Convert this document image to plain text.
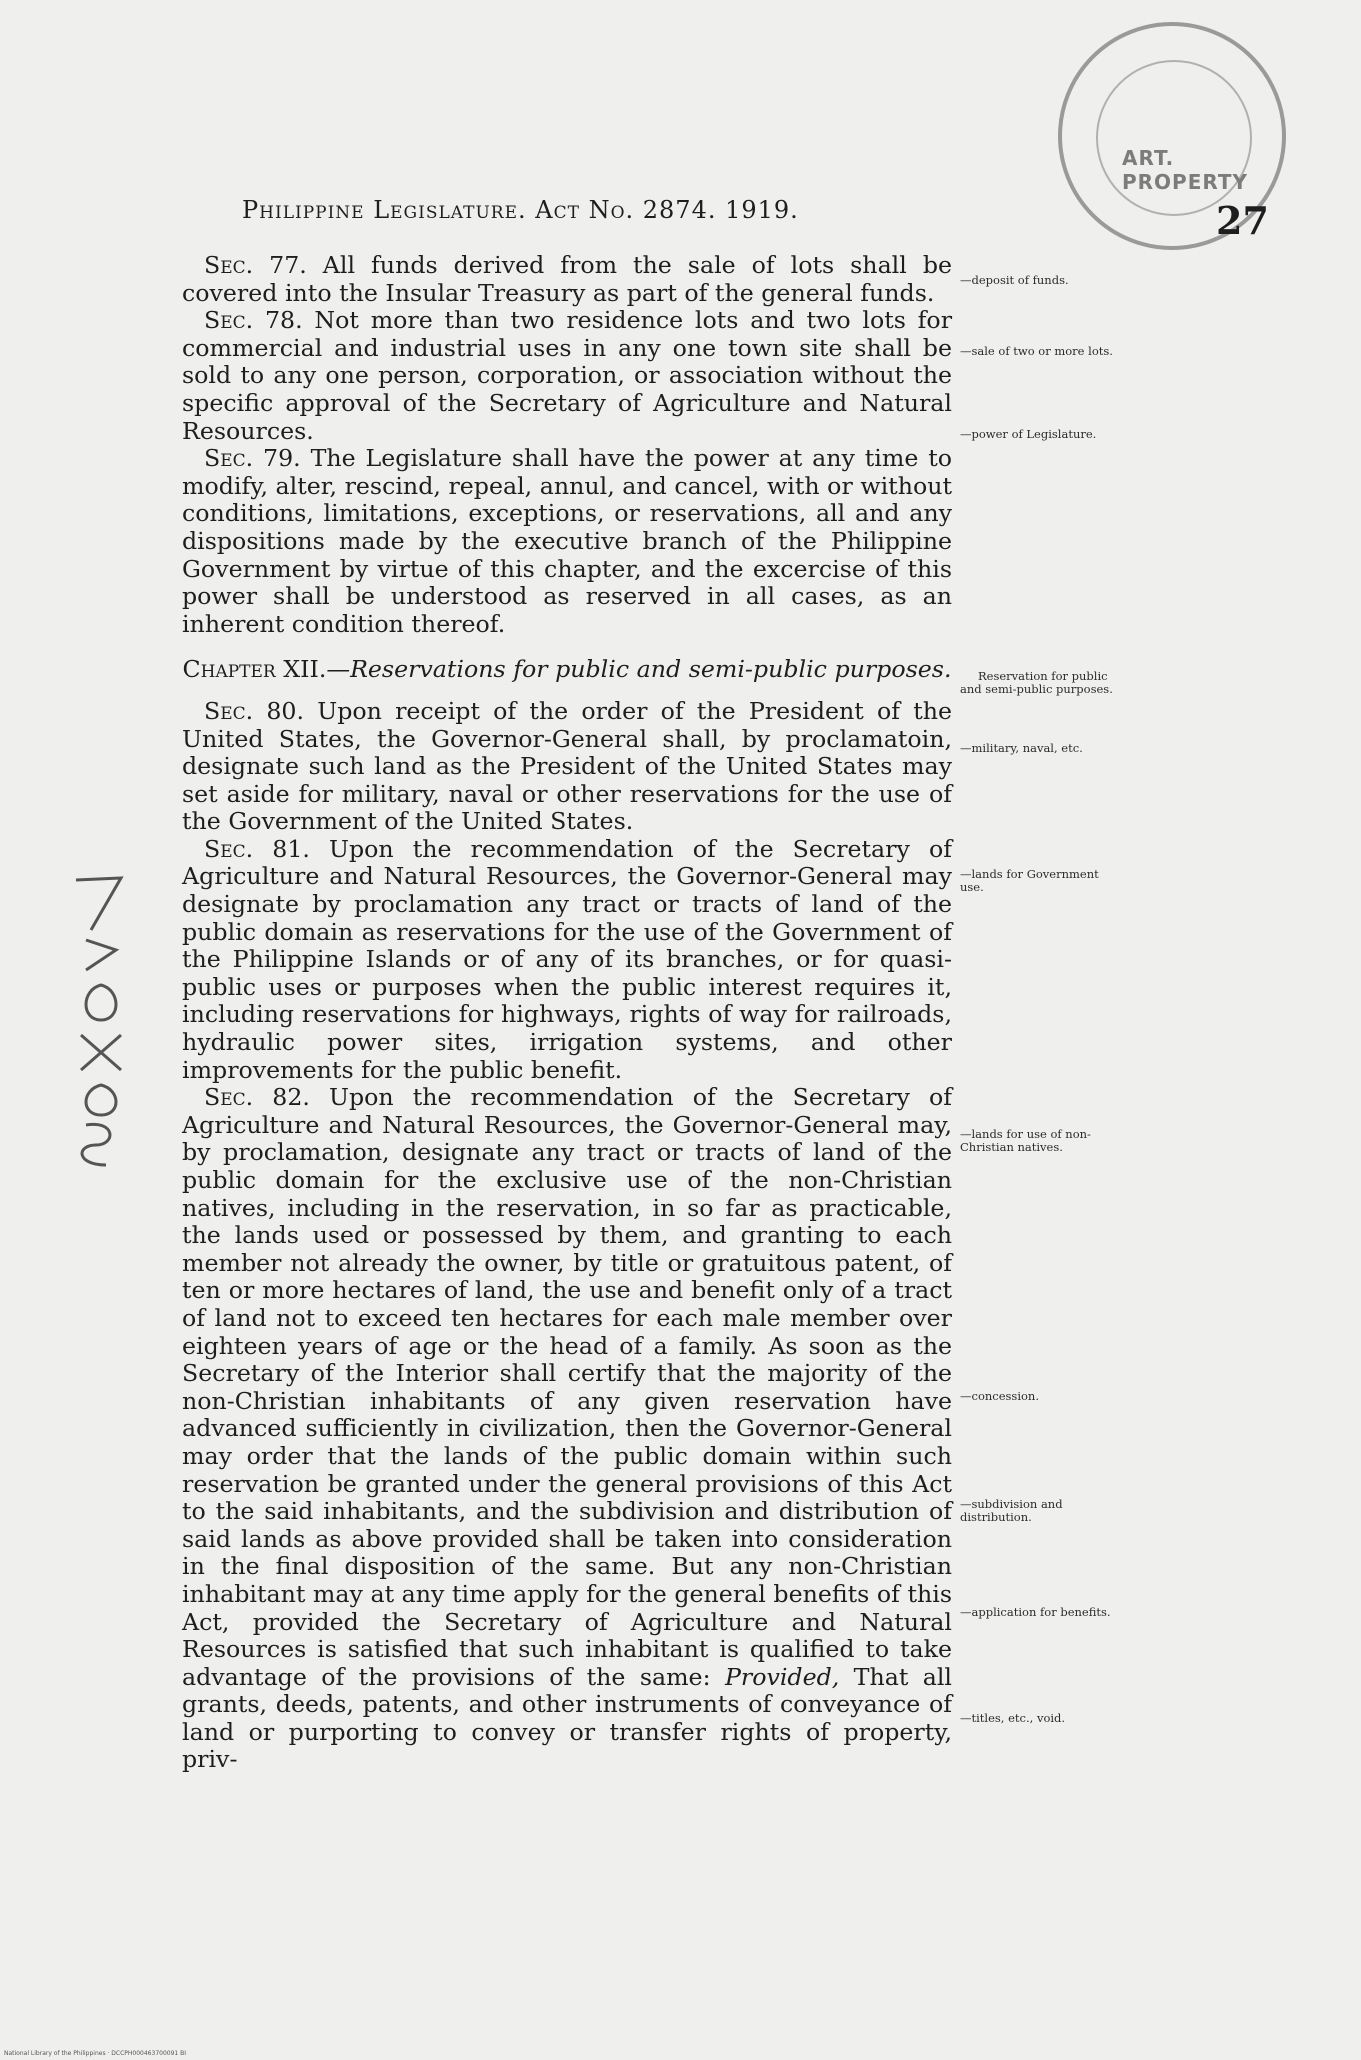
ART. PROPERTY
Philippine Legislature. Act No. 2874. 1919.	27

Sec. 77. All funds derived from the sale of lots shall be covered into the Insular Treasury as part of the general funds.

Sec. 78. Not more than two residence lots and two lots for commercial and industrial uses in any one town site shall be sold to any one person, corporation, or association without the specific approval of the Secretary of Agriculture and Natural Resources.

Sec. 79. The Legislature shall have the power at any time to modify, alter, rescind, repeal, annul, and cancel, with or without conditions, limitations, exceptions, or reservations, all and any dispositions made by the executive branch of the Philippine Government by virtue of this chapter, and the excercise of this power shall be understood as reserved in all cases, as an inherent condition thereof.

Chapter XII.—Reservations for public and semi-public purposes.

Sec. 80. Upon receipt of the order of the President of the United States, the Governor-General shall, by proclamatoin, designate such land as the President of the United States may set aside for military, naval or other reservations for the use of the Government of the United States.

Sec. 81. Upon the recommendation of the Secretary of Agriculture and Natural Resources, the Governor-General may designate by proclamation any tract or tracts of land of the public domain as reservations for the use of the Government of the Philippine Islands or of any of its branches, or for quasi-public uses or purposes when the public interest requires it, including reservations for highways, rights of way for railroads, hydraulic power sites, irrigation systems, and other improvements for the public benefit.

Sec. 82. Upon the recommendation of the Secretary of Agriculture and Natural Resources, the Governor-General may, by proclamation, designate any tract or tracts of land of the public domain for the exclusive use of the non-Christian natives, including in the reservation, in so far as practicable, the lands used or possessed by them, and granting to each member not already the owner, by title or gratuitous patent, of ten or more hectares of land, the use and benefit only of a tract of land not to exceed ten hectares for each male member over eighteen years of age or the head of a family. As soon as the Secretary of the Interior shall certify that the majority of the non-Christian inhabitants of any given reservation have advanced sufficiently in civilization, then the Governor-General may order that the lands of the public domain within such reservation be granted under the general provisions of this Act to the said inhabitants, and the subdivision and distribution of said lands as above provided shall be taken into consideration in the final disposition of the same. But any non-Christian inhabitant may at any time apply for the general benefits of this Act, provided the Secretary of Agriculture and Natural Resources is satisfied that such inhabitant is qualified to take advantage of the provisions of the same: Provided, That all grants, deeds, patents, and other instruments of conveyance of land or purporting to convey or transfer rights of property, priv-

—deposit of funds.
—sale of two or more lots.
—power of Legislature.
Reservation for public and semi-public purposes.
—military, naval, etc.
—lands for Government use.
—lands for use of non-Christian natives.
—concession.
—subdivision and distribution.
—application for benefits.
—titles, etc., void.
National Library of the Philippines · DCCPH000463700091 BI
